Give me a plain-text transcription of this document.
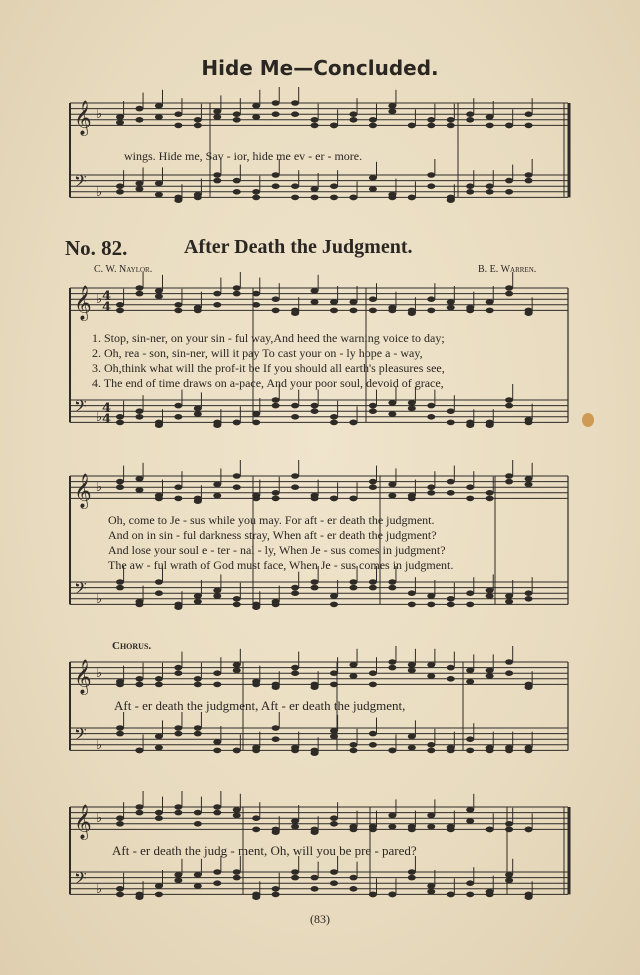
𝄞 ♭
𝄢 ♭
𝄞 ♭
𝄢 ♭
𝄞 ♭
𝄢 ♭
𝄞 ♭
𝄢 ♭
𝄞 ♭
𝄢 ♭
4
4
4
4
Hide Me—Concluded.
wings. Hide me, Sav - ior, hide me ev - er - more.
No. 82.	After Death the Judgment.
C. W. Naylor.	B. E. Warren.
1. Stop, sin-ner, on your sin - ful way,And heed the warning voice to day;
2. Oh, rea - son, sin-ner, will it pay To cast your on - ly hope a - way,
3. Oh,think what will the prof-it be If you should all earth's pleasures see,
4. The end of time draws on a-pace, And your poor soul, devoid of grace,
Oh, come to Je - sus while you may. For aft - er death the judgment.
And on in sin - ful darkness stray, When aft - er death the judgment?
And lose your soul e - ter - nal - ly, When Je - sus comes in judgment?
The aw - ful wrath of God must face, When Je - sus comes in judgment.
Chorus.
Aft - er death the judgment, Aft - er death the judgment,
Aft - er death the judg - ment, Oh, will you be pre - pared?
(83)
